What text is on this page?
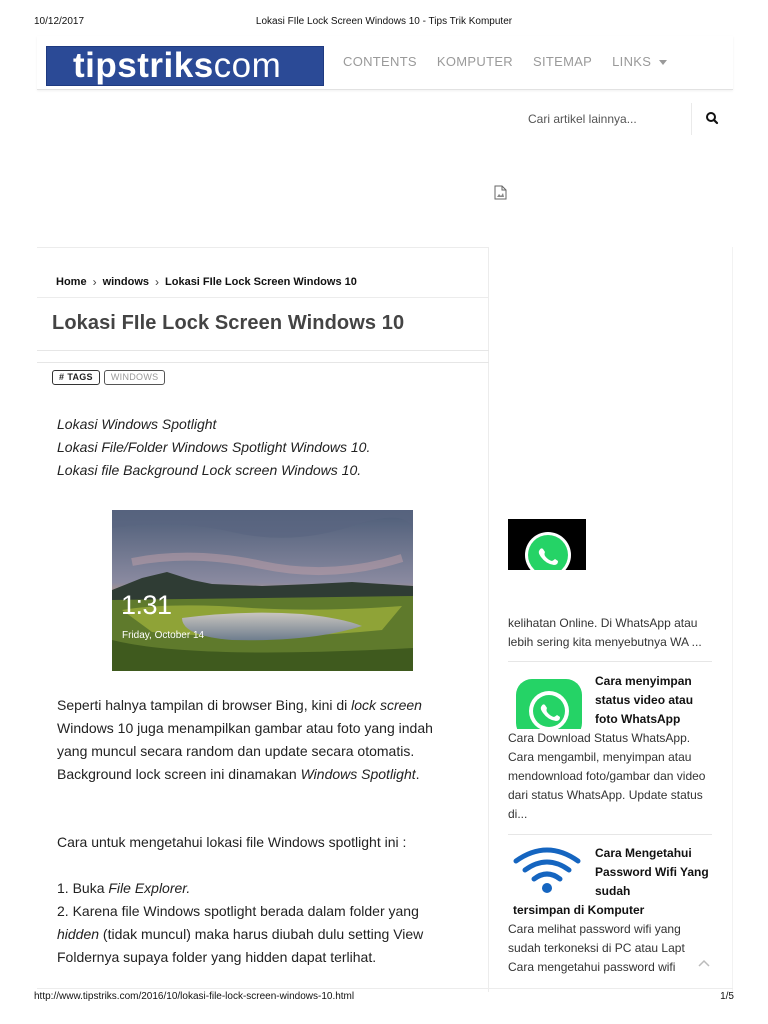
10/12/2017	Lokasi FIle Lock Screen Windows 10 - Tips Trik Komputer
tipstrikscom	CONTENTS KOMPUTER SITEMAP LINKS
Cari artikel lainnya...
Home › windows › Lokasi FIle Lock Screen Windows 10
Lokasi FIle Lock Screen Windows 10
# TAGS	WINDOWS
Lokasi Windows Spotlight
Lokasi File/Folder Windows Spotlight Windows 10.
Lokasi file Background Lock screen Windows 10.
1:31
Friday, October 14
Seperti halnya tampilan di browser Bing, kini di lock screen Windows 10 juga menampilkan gambar atau foto yang indah yang muncul secara random dan update secara otomatis. Background lock screen ini dinamakan Windows Spotlight.
Cara untuk mengetahui lokasi file Windows spotlight ini :
1. Buka File Explorer.
2. Karena file Windows spotlight berada dalam folder yang hidden (tidak muncul) maka harus diubah dulu setting View Foldernya supaya folder yang hidden dapat terlihat.
kelihatan Online. Di WhatsApp atau lebih sering kita menyebutnya WA ...
Cara menyimpan status video atau foto WhatsApp
Cara Download Status WhatsApp. Cara mengambil, menyimpan atau mendownload foto/gambar dan video dari status WhatsApp. Update status di...
Cara Mengetahui Password Wifi Yang sudah
tersimpan di Komputer
Cara melihat password wifi yang sudah terkoneksi di PC atau Lapt Cara mengetahui password wifi
http://www.tipstriks.com/2016/10/lokasi-file-lock-screen-windows-10.html	1/5
